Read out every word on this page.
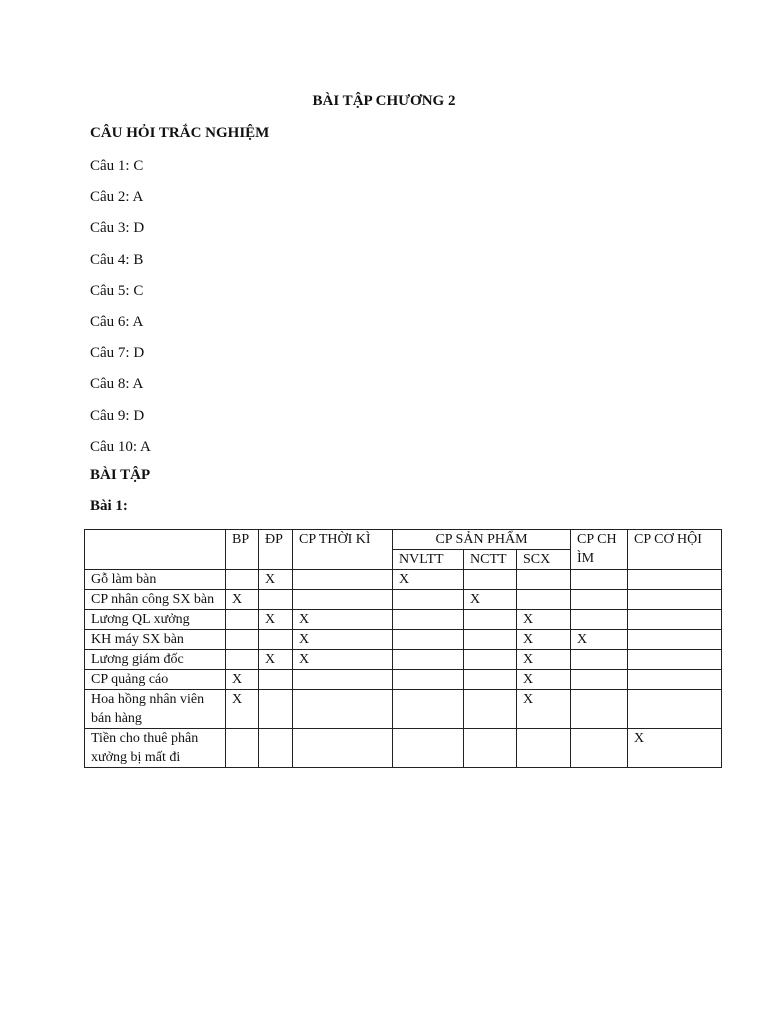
BÀI TẬP CHƯƠNG 2
CÂU HỎI TRẮC NGHIỆM
Câu 1: C
Câu 2: A
Câu 3: D
Câu 4: B
Câu 5: C
Câu 6: A
Câu 7: D
Câu 8: A
Câu 9: D
Câu 10: A
BÀI TẬP
Bài 1:
	BP	ĐP	CP THỜI KÌ	CP SẢN PHẨM			CP CHÌM	CP CƠ HỘI
				NVLTT	NCTT	SCX		
Gỗ làm bàn		X		X				
CP nhân công SX bàn	X				X			
Lương QL xưởng		X	X			X		
KH máy SX bàn			X			X	X	
Lương giám đốc		X	X			X		
CP quảng cáo	X					X		
Hoa hồng nhân viên bán hàng	X					X		
Tiền cho thuê phân xưởng bị mất đi								X
